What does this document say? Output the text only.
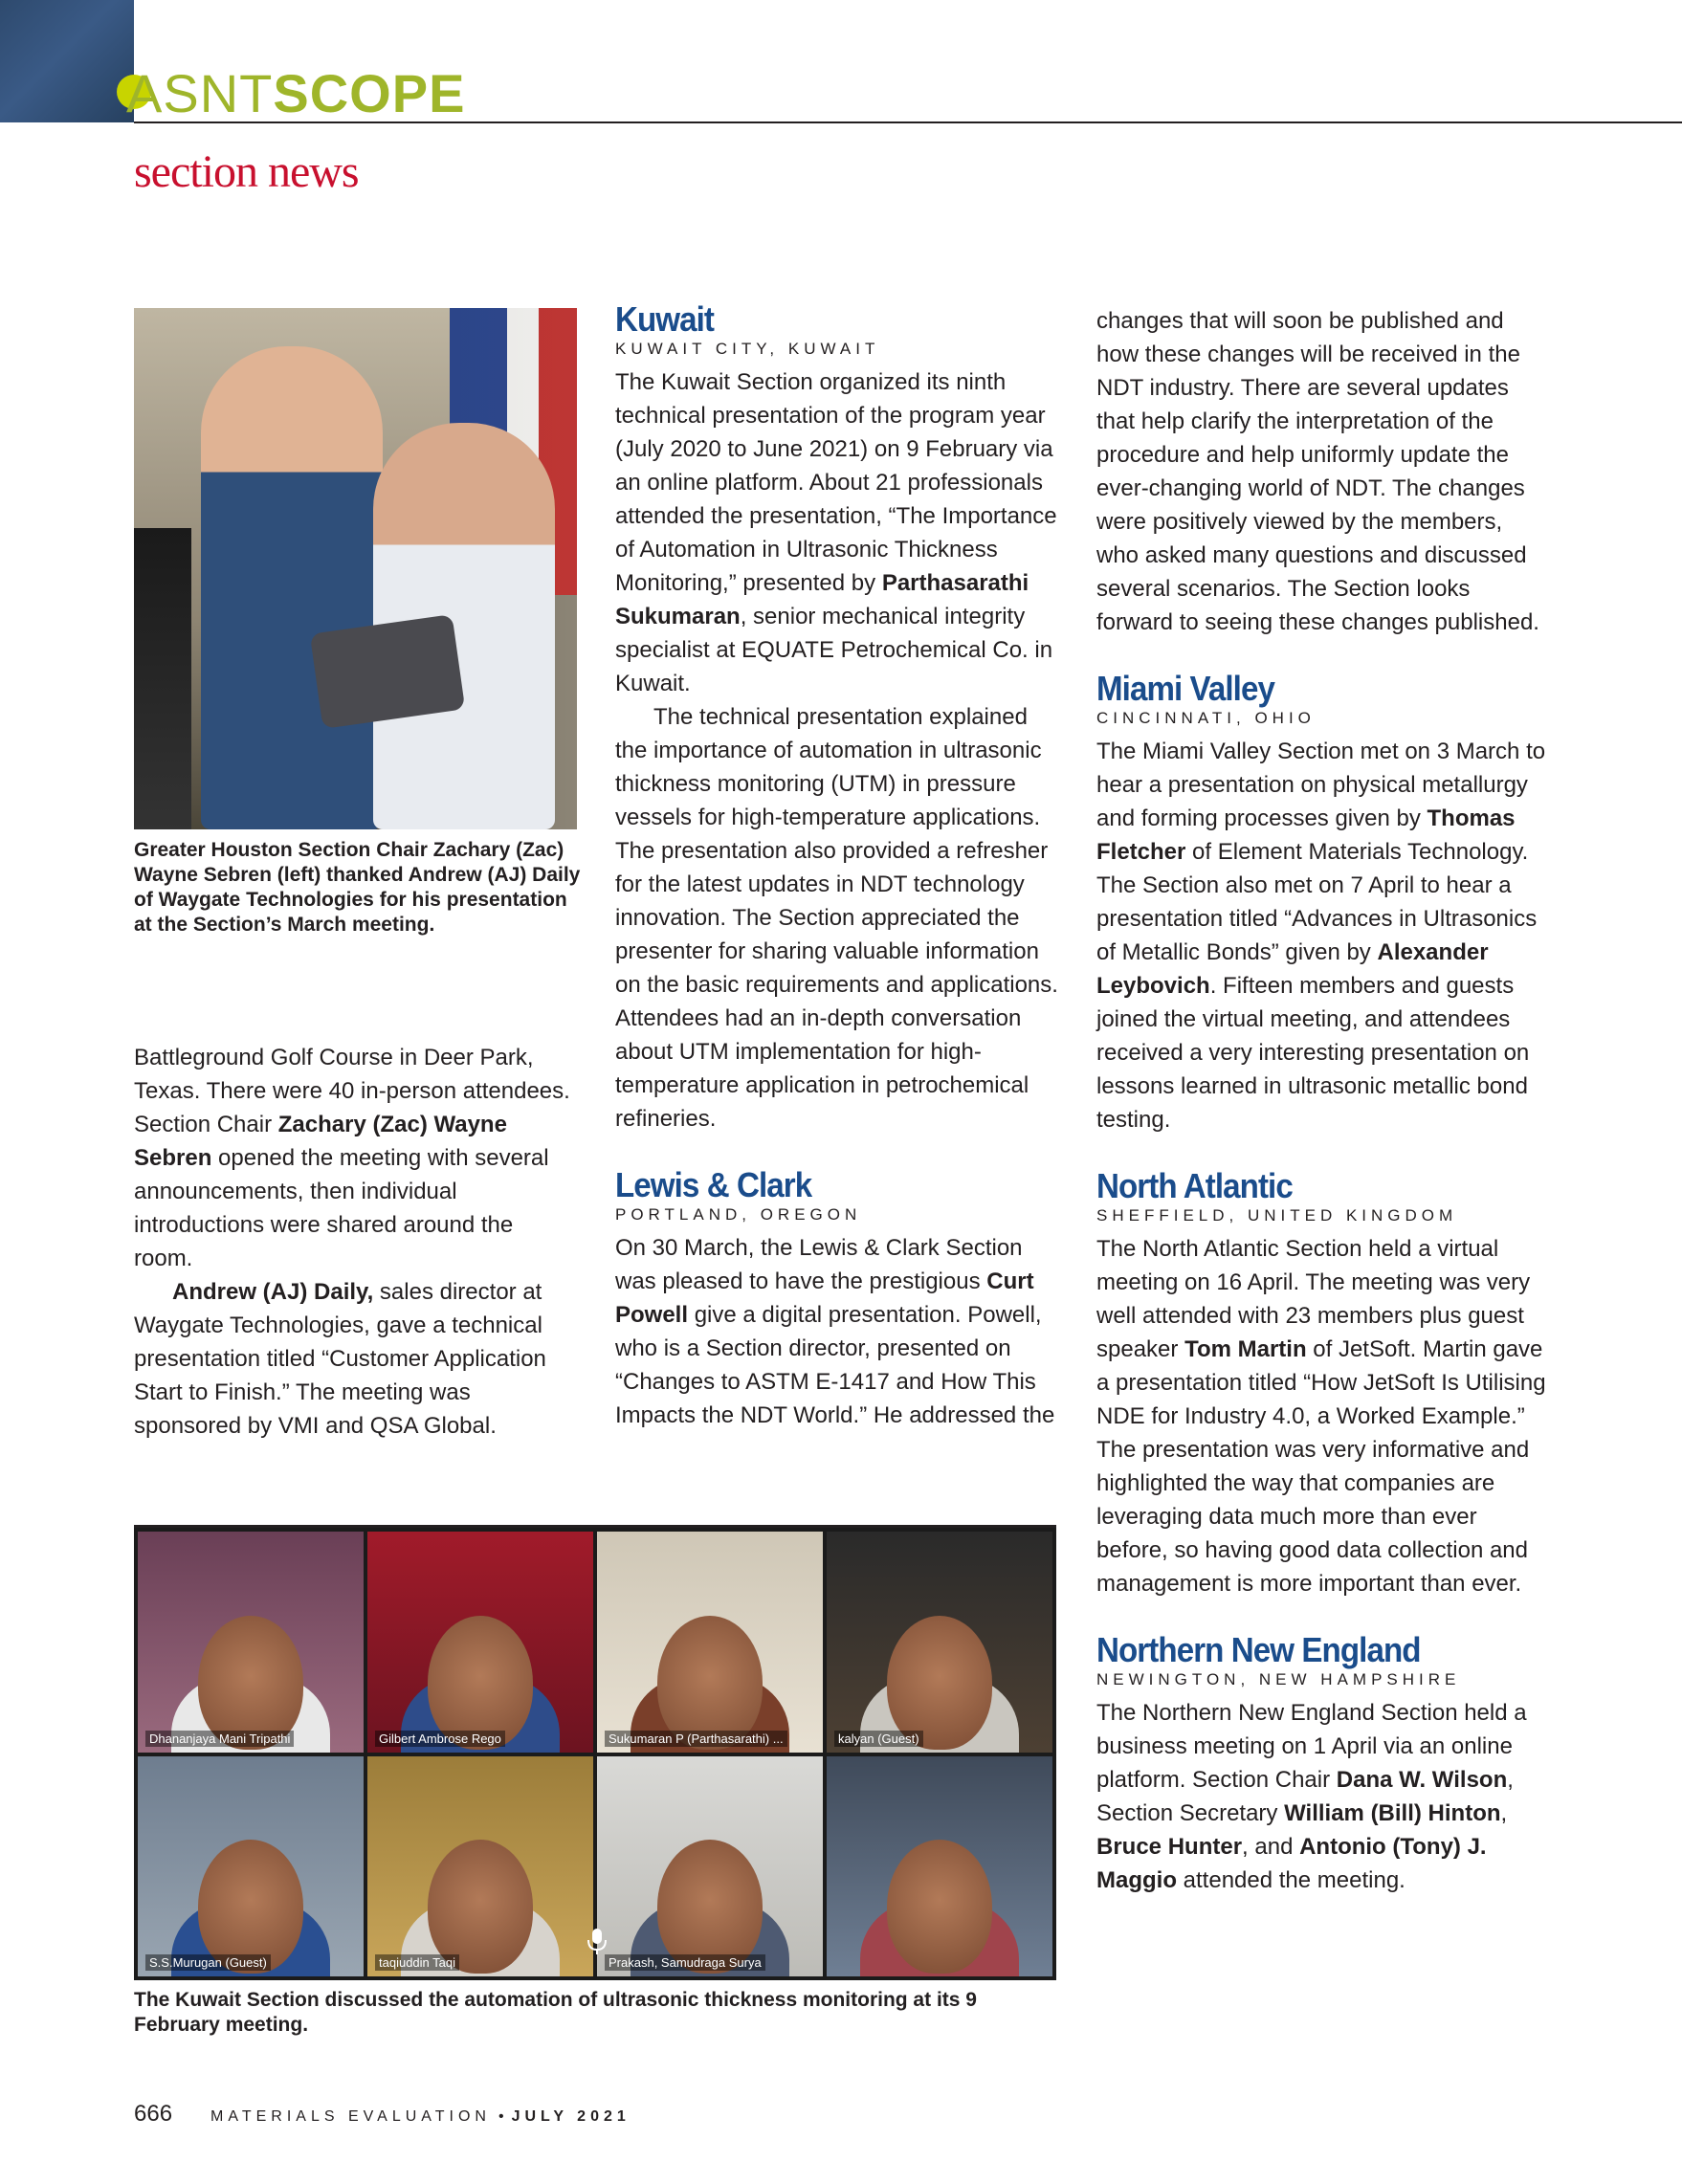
ASNTSCOPE
section news
Greater Houston Section Chair Zachary (Zac) Wayne Sebren (left) thanked Andrew (AJ) Daily of Waygate Technologies for his presentation at the Section’s March meeting.

Battleground Golf Course in Deer Park, Texas. There were 40 in-person attendees. Section Chair Zachary (Zac) Wayne Sebren opened the meeting with several announcements, then individual introductions were shared around the room.

Andrew (AJ) Daily, sales director at Waygate Technologies, gave a technical presentation titled “Customer Application Start to Finish.” The meeting was sponsored by VMI and QSA Global.

Kuwait
KUWAIT CITY, KUWAIT

The Kuwait Section organized its ninth technical presentation of the program year (July 2020 to June 2021) on 9 February via an online platform. About 21 professionals attended the presentation, “The Importance of Automation in Ultrasonic Thickness Monitoring,” presented by Parthasarathi Sukumaran, senior mechanical integrity specialist at EQUATE Petrochemical Co. in Kuwait.

The technical presentation explained the importance of automation in ultrasonic thickness monitoring (UTM) in pressure vessels for high-temperature applications. The presentation also provided a refresher for the latest updates in NDT technology innovation. The Section appreciated the presenter for sharing valuable information on the basic requirements and applications. Attendees had an in-depth conversation about UTM implementation for high-temperature application in petrochemical refineries.

Lewis & Clark
PORTLAND, OREGON

On 30 March, the Lewis & Clark Section was pleased to have the prestigious Curt Powell give a digital presentation. Powell, who is a Section director, presented on “Changes to ASTM E-1417 and How This Impacts the NDT World.” He addressed the

changes that will soon be published and how these changes will be received in the NDT industry. There are several updates that help clarify the interpretation of the procedure and help uniformly update the ever-changing world of NDT. The changes were positively viewed by the members, who asked many questions and discussed several scenarios. The Section looks forward to seeing these changes published.

Miami Valley
CINCINNATI, OHIO

The Miami Valley Section met on 3 March to hear a presentation on physical metallurgy and forming processes given by Thomas Fletcher of Element Materials Technology. The Section also met on 7 April to hear a presentation titled “Advances in Ultrasonics of Metallic Bonds” given by Alexander Leybovich. Fifteen members and guests joined the virtual meeting, and attendees received a very interesting presentation on lessons learned in ultrasonic metallic bond testing.

North Atlantic
SHEFFIELD, UNITED KINGDOM

The North Atlantic Section held a virtual meeting on 16 April. The meeting was very well attended with 23 members plus guest speaker Tom Martin of JetSoft. Martin gave a presentation titled “How JetSoft Is Utilising NDE for Industry 4.0, a Worked Example.” The presentation was very informative and highlighted the way that companies are leveraging data much more than ever before, so having good data collection and management is more important than ever.

Northern New England
NEWINGTON, NEW HAMPSHIRE

The Northern New England Section held a business meeting on 1 April via an online platform. Section Chair Dana W. Wilson, Section Secretary William (Bill) Hinton, Bruce Hunter, and Antonio (Tony) J. Maggio attended the meeting.

Dhananjaya Mani Tripathi	Gilbert Ambrose Rego	Sukumaran P (Parthasarathi) ...	kalyan (Guest)
S.S.Murugan (Guest)	taqiuddin Taqi	Prakash, Samudraga Surya
The Kuwait Section discussed the automation of ultrasonic thickness monitoring at its 9 February meeting.
666	MATERIALS EVALUATION • JULY 2021
